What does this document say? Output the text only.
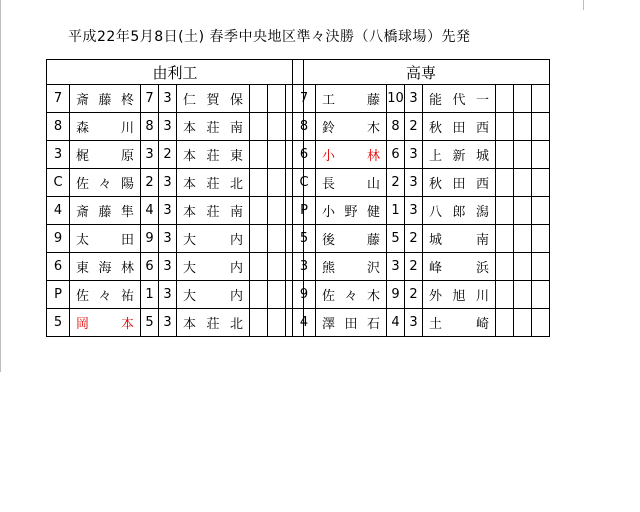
平成22年5月8日(土) 春季中央地区準々決勝（八橋球場）先発
由利工							
7	斎藤柊	7	3	仁賀保			
8	森川	8	3	本荘南			
3	梶原	3	2	本荘東			
C	佐々陽	2	3	本荘北			
4	斎藤隼	4	3	本荘南			
9	太田	9	3	大内			
6	東海林	6	3	大内			
P	佐々祐	1	3	大内			
5	岡本	5	3	本荘北			
高専							
7	工藤	10	3	能代一			
8	鈴木	8	2	秋田西			
6	小林	6	3	上新城			
C	長山	2	3	秋田西			
P	小野健	1	3	八郎潟			
5	後藤	5	2	城南			
3	熊沢	3	2	峰浜			
9	佐々木	9	2	外旭川			
4	澤田石	4	3	土崎			
